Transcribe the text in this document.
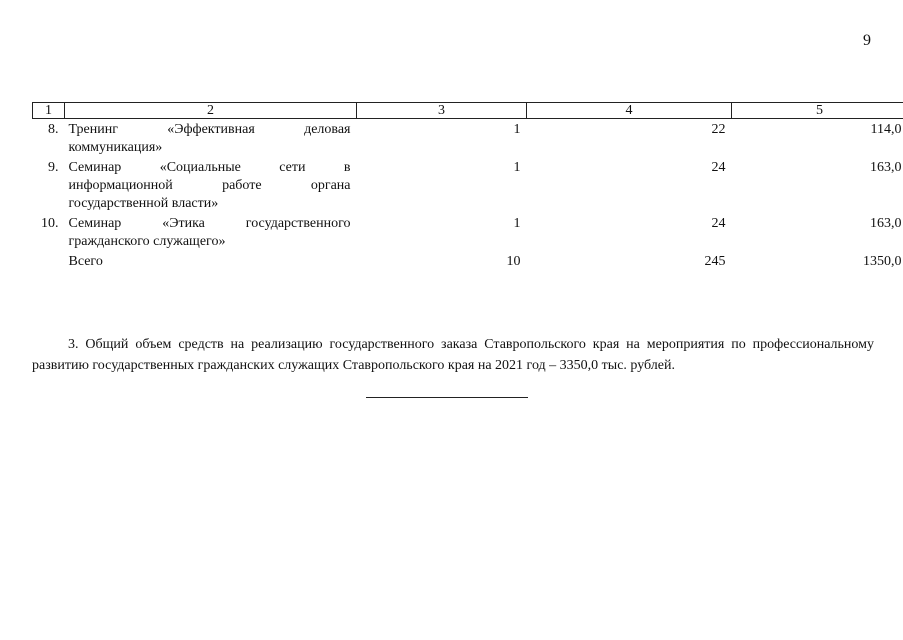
9
1	2	3	4	5
8.	Тренинг «Эффективная деловая коммуникация»	1	22	114,0
9.	Семинар «Социальные сети в информационной работе органа государственной власти»	1	24	163,0
10.	Семинар «Этика государственного гражданского служащего»	1	24	163,0
	Всего	10	245	1350,0

3. Общий объем средств на реализацию государственного заказа Ставропольского края на мероприятия по профессиональному развитию государственных гражданских служащих Ставропольского края на 2021 год – 3350,0 тыс. рублей.
